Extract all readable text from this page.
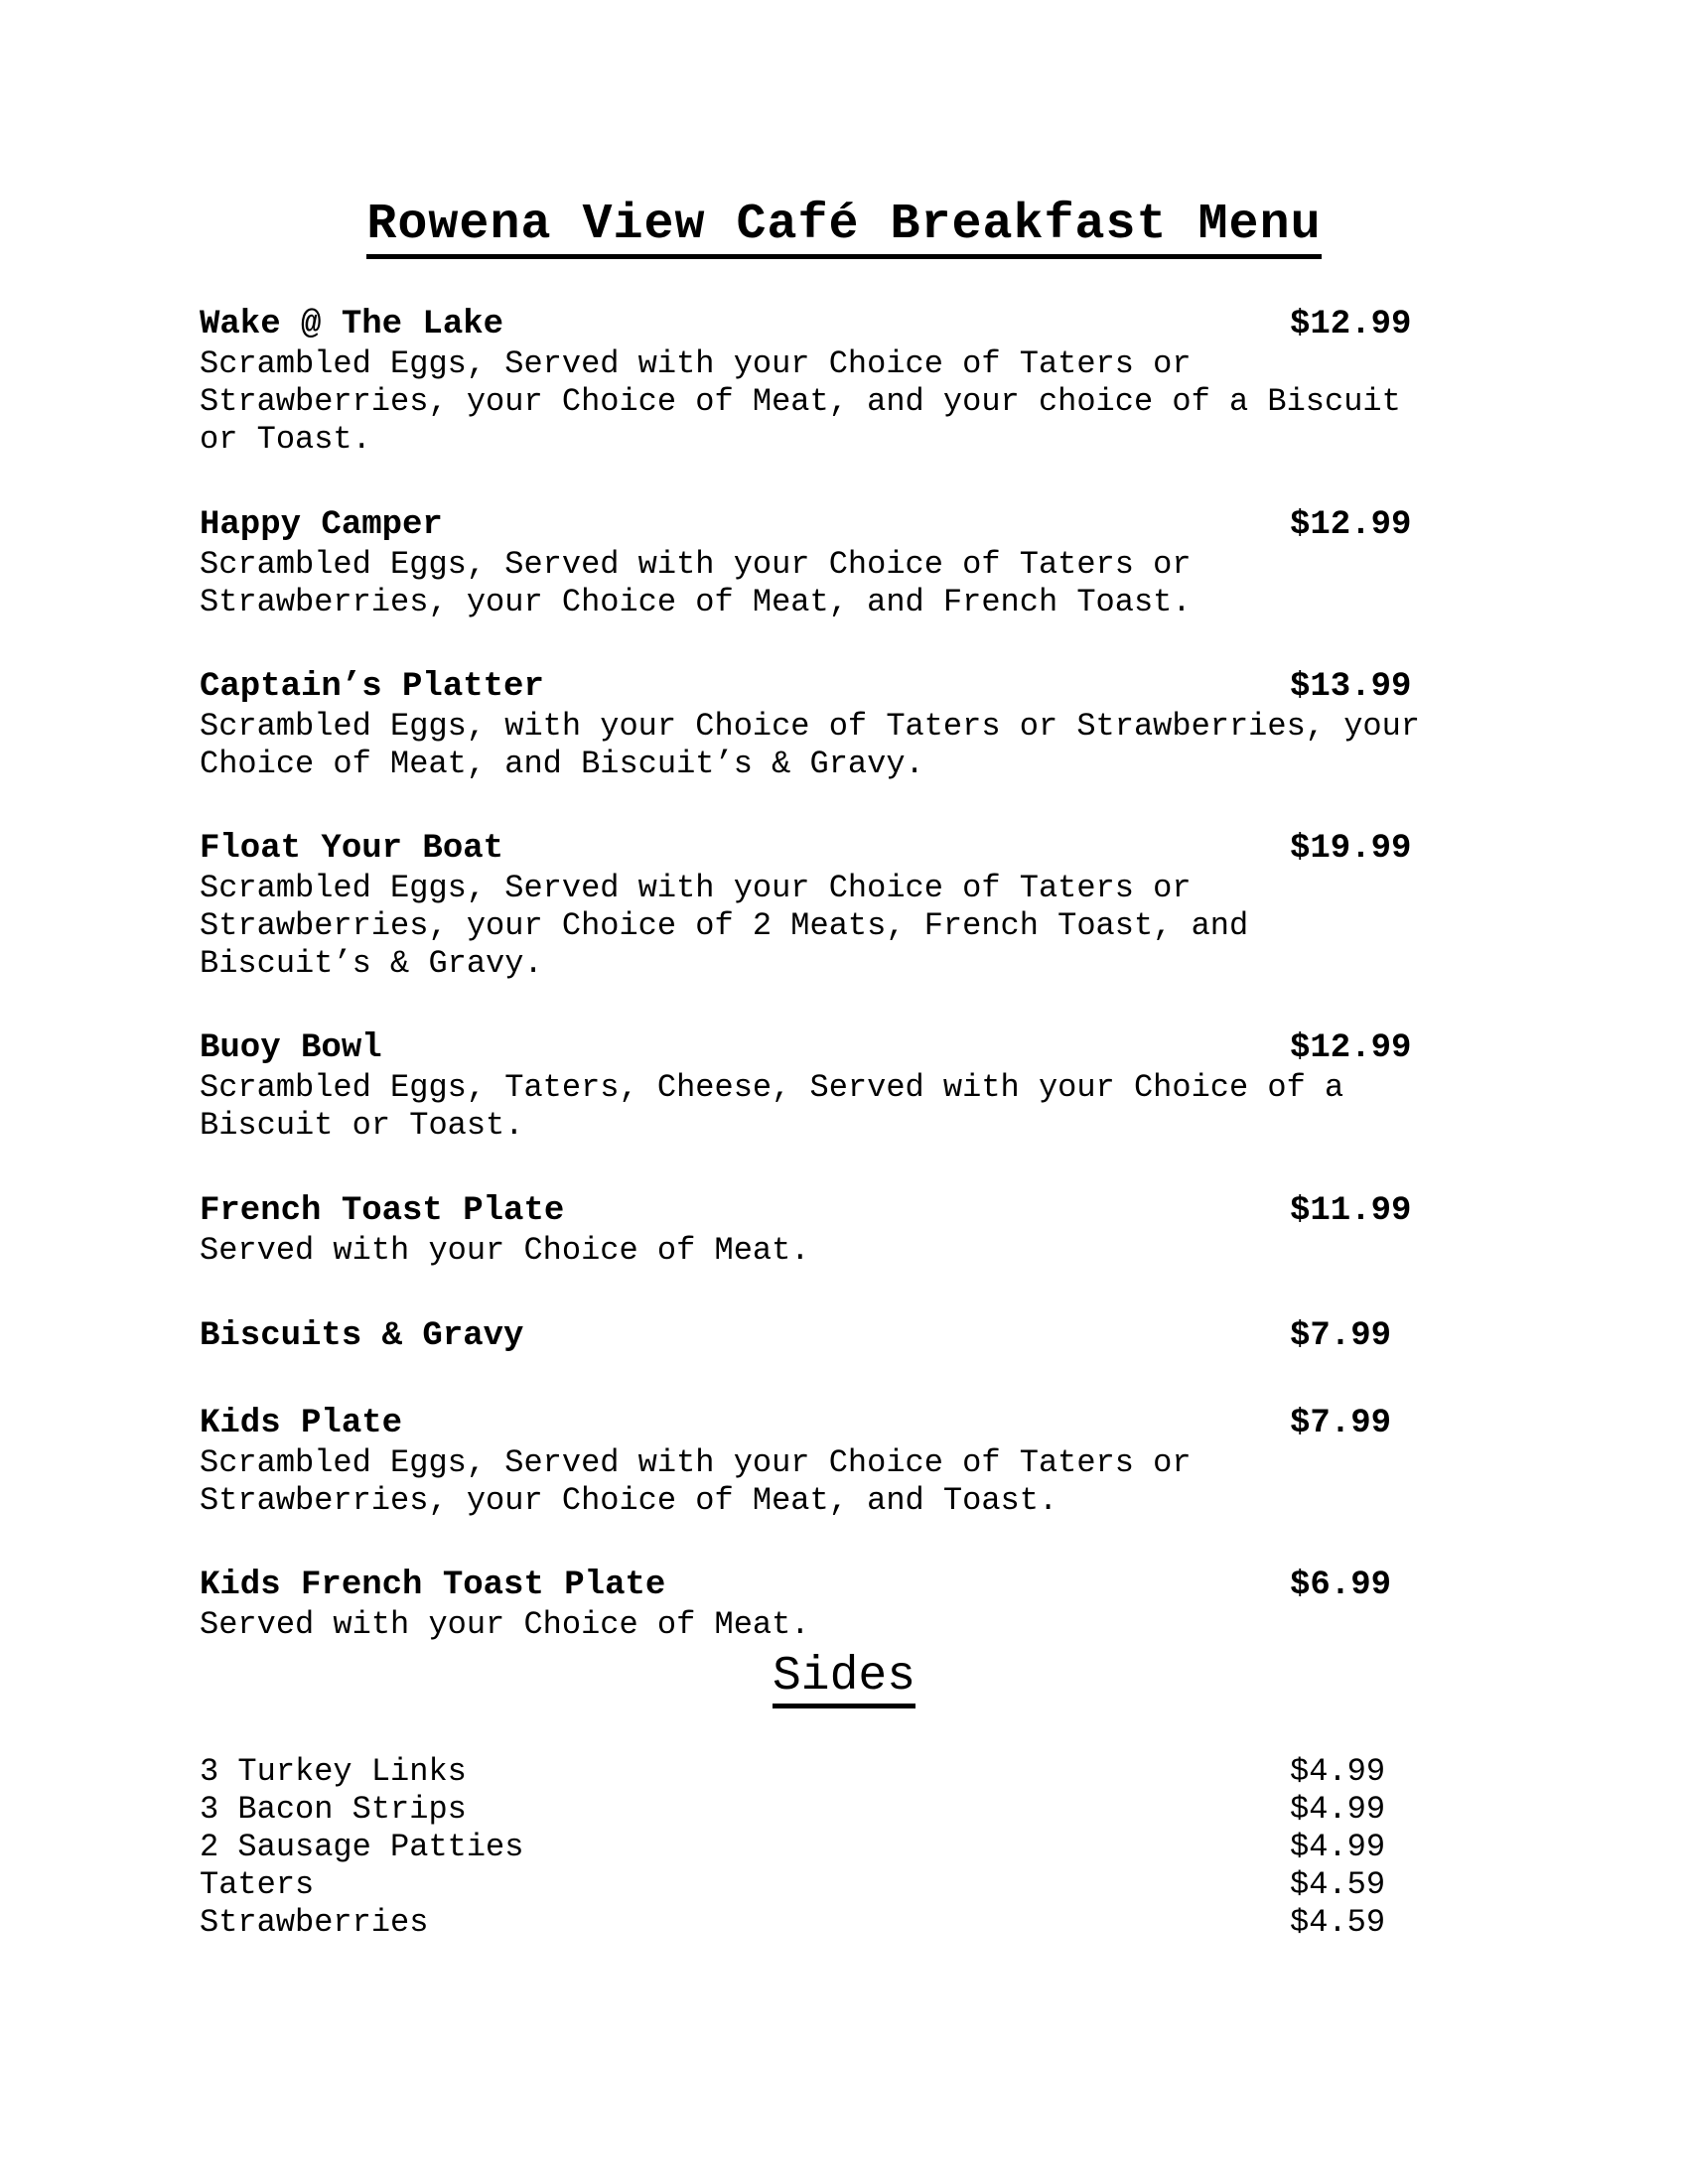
Rowena View Café Breakfast Menu
Wake @ The Lake	$12.99
Scrambled Eggs, Served with your Choice of Taters or
Strawberries, your Choice of Meat, and your choice of a Biscuit
or Toast.
Happy Camper	$12.99
Scrambled Eggs, Served with your Choice of Taters or
Strawberries, your Choice of Meat, and French Toast.
Captain’s Platter	$13.99
Scrambled Eggs, with your Choice of Taters or Strawberries, your
Choice of Meat, and Biscuit’s & Gravy.
Float Your Boat	$19.99
Scrambled Eggs, Served with your Choice of Taters or
Strawberries, your Choice of 2 Meats, French Toast, and
Biscuit’s & Gravy.
Buoy Bowl	$12.99
Scrambled Eggs, Taters, Cheese, Served with your Choice of a
Biscuit or Toast.
French Toast Plate	$11.99
Served with your Choice of Meat.
Biscuits & Gravy	$7.99
Kids Plate	$7.99
Scrambled Eggs, Served with your Choice of Taters or
Strawberries, your Choice of Meat, and Toast.
Kids French Toast Plate	$6.99
Served with your Choice of Meat.
Sides
3 Turkey Links	$4.99
3 Bacon Strips	$4.99
2 Sausage Patties	$4.99
Taters	$4.59
Strawberries	$4.59
